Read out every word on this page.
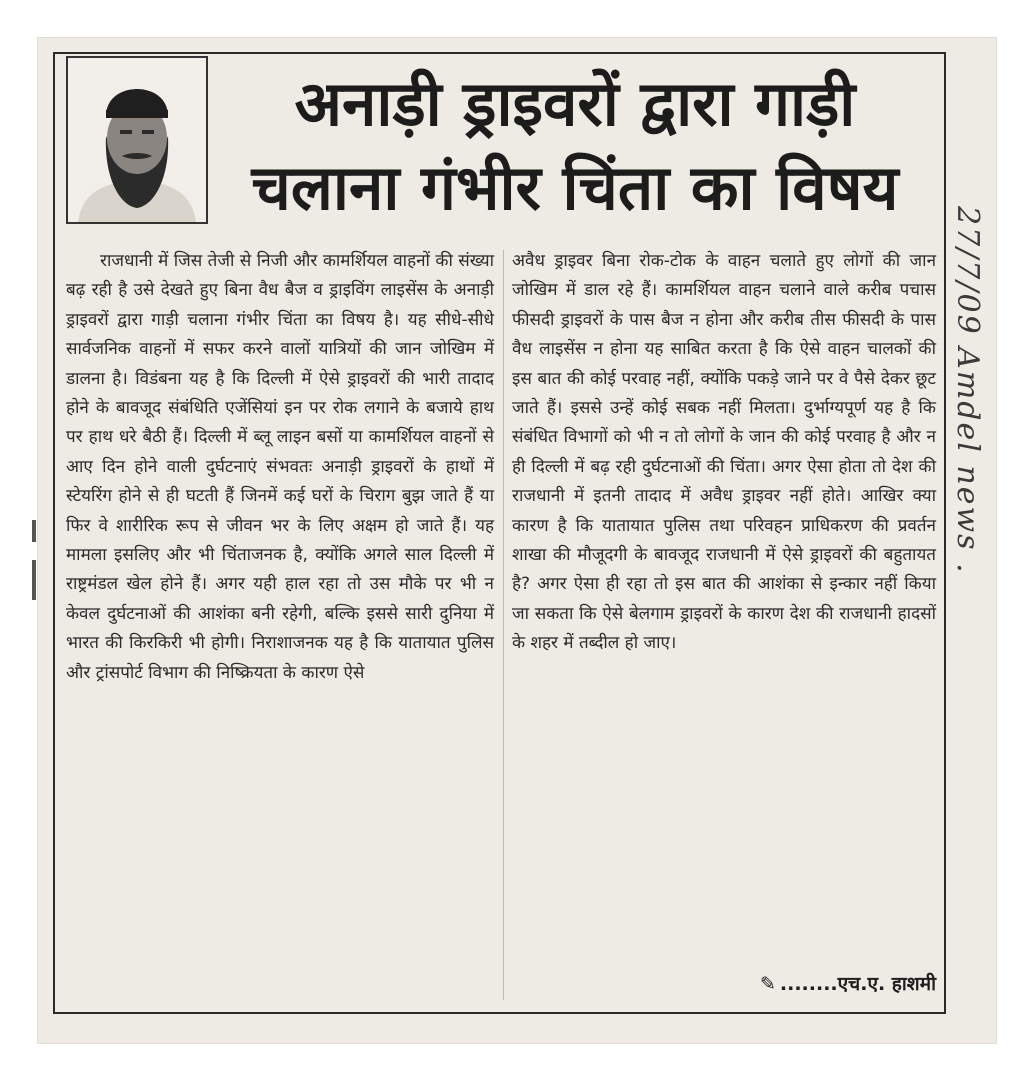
अनाड़ी ड्राइवरों द्वारा गाड़ी
चलाना गंभीर चिंता का विषय
राजधानी में जिस तेजी से निजी और कामर्शियल वाहनों की संख्या बढ़ रही है उसे देखते हुए बिना वैध बैज व ड्राइविंग लाइसेंस के अनाड़ी ड्राइवरों द्वारा गाड़ी चलाना गंभीर चिंता का विषय है। यह सीधे-सीधे सार्वजनिक वाहनों में सफर करने वालों यात्रियों की जान जोखिम में डालना है। विडंबना यह है कि दिल्ली में ऐसे ड्राइवरों की भारी तादाद होने के बावजूद संबंधिति एजेंसियां इन पर रोक लगाने के बजाये हाथ पर हाथ धरे बैठी हैं। दिल्ली में ब्लू लाइन बसों या कामर्शियल वाहनों से आए दिन होने वाली दुर्घटनाएं संभवतः अनाड़ी ड्राइवरों के हाथों में स्टेयरिंग होने से ही घटती हैं जिनमें कई घरों के चिराग बुझ जाते हैं या फिर वे शारीरिक रूप से जीवन भर के लिए अक्षम हो जाते हैं। यह मामला इसलिए और भी चिंताजनक है, क्योंकि अगले साल दिल्ली में राष्ट्रमंडल खेल होने हैं। अगर यही हाल रहा तो उस मौके पर भी न केवल दुर्घटनाओं की आशंका बनी रहेगी, बल्कि इससे सारी दुनिया में भारत की किरकिरी भी होगी। निराशाजनक यह है कि यातायात पुलिस और ट्रांसपोर्ट विभाग की निष्क्रियता के कारण ऐसे
अवैध ड्राइवर बिना रोक-टोक के वाहन चलाते हुए लोगों की जान जोखिम में डाल रहे हैं। कामर्शियल वाहन चलाने वाले करीब पचास फीसदी ड्राइवरों के पास बैज न होना और करीब तीस फीसदी के पास वैध लाइसेंस न होना यह साबित करता है कि ऐसे वाहन चालकों की इस बात की कोई परवाह नहीं, क्योंकि पकड़े जाने पर वे पैसे देकर छूट जाते हैं। इससे उन्हें कोई सबक नहीं मिलता। दुर्भाग्यपूर्ण यह है कि संबंधित विभागों को भी न तो लोगों के जान की कोई परवाह है और न ही दिल्ली में बढ़ रही दुर्घटनाओं की चिंता। अगर ऐसा होता तो देश की राजधानी में इतनी तादाद में अवैध ड्राइवर नहीं होते। आखिर क्या कारण है कि यातायात पुलिस तथा परिवहन प्राधिकरण की प्रवर्तन शाखा की मौजूदगी के बावजूद राजधानी में ऐसे ड्राइवरों की बहुतायत है? अगर ऐसा ही रहा तो इस बात की आशंका से इन्कार नहीं किया जा सकता कि ऐसे बेलगाम ड्राइवरों के कारण देश की राजधानी हादसों के शहर में तब्दील हो जाए।
✎ ........एच.ए. हाशमी
27/7/09 Amdel news .
